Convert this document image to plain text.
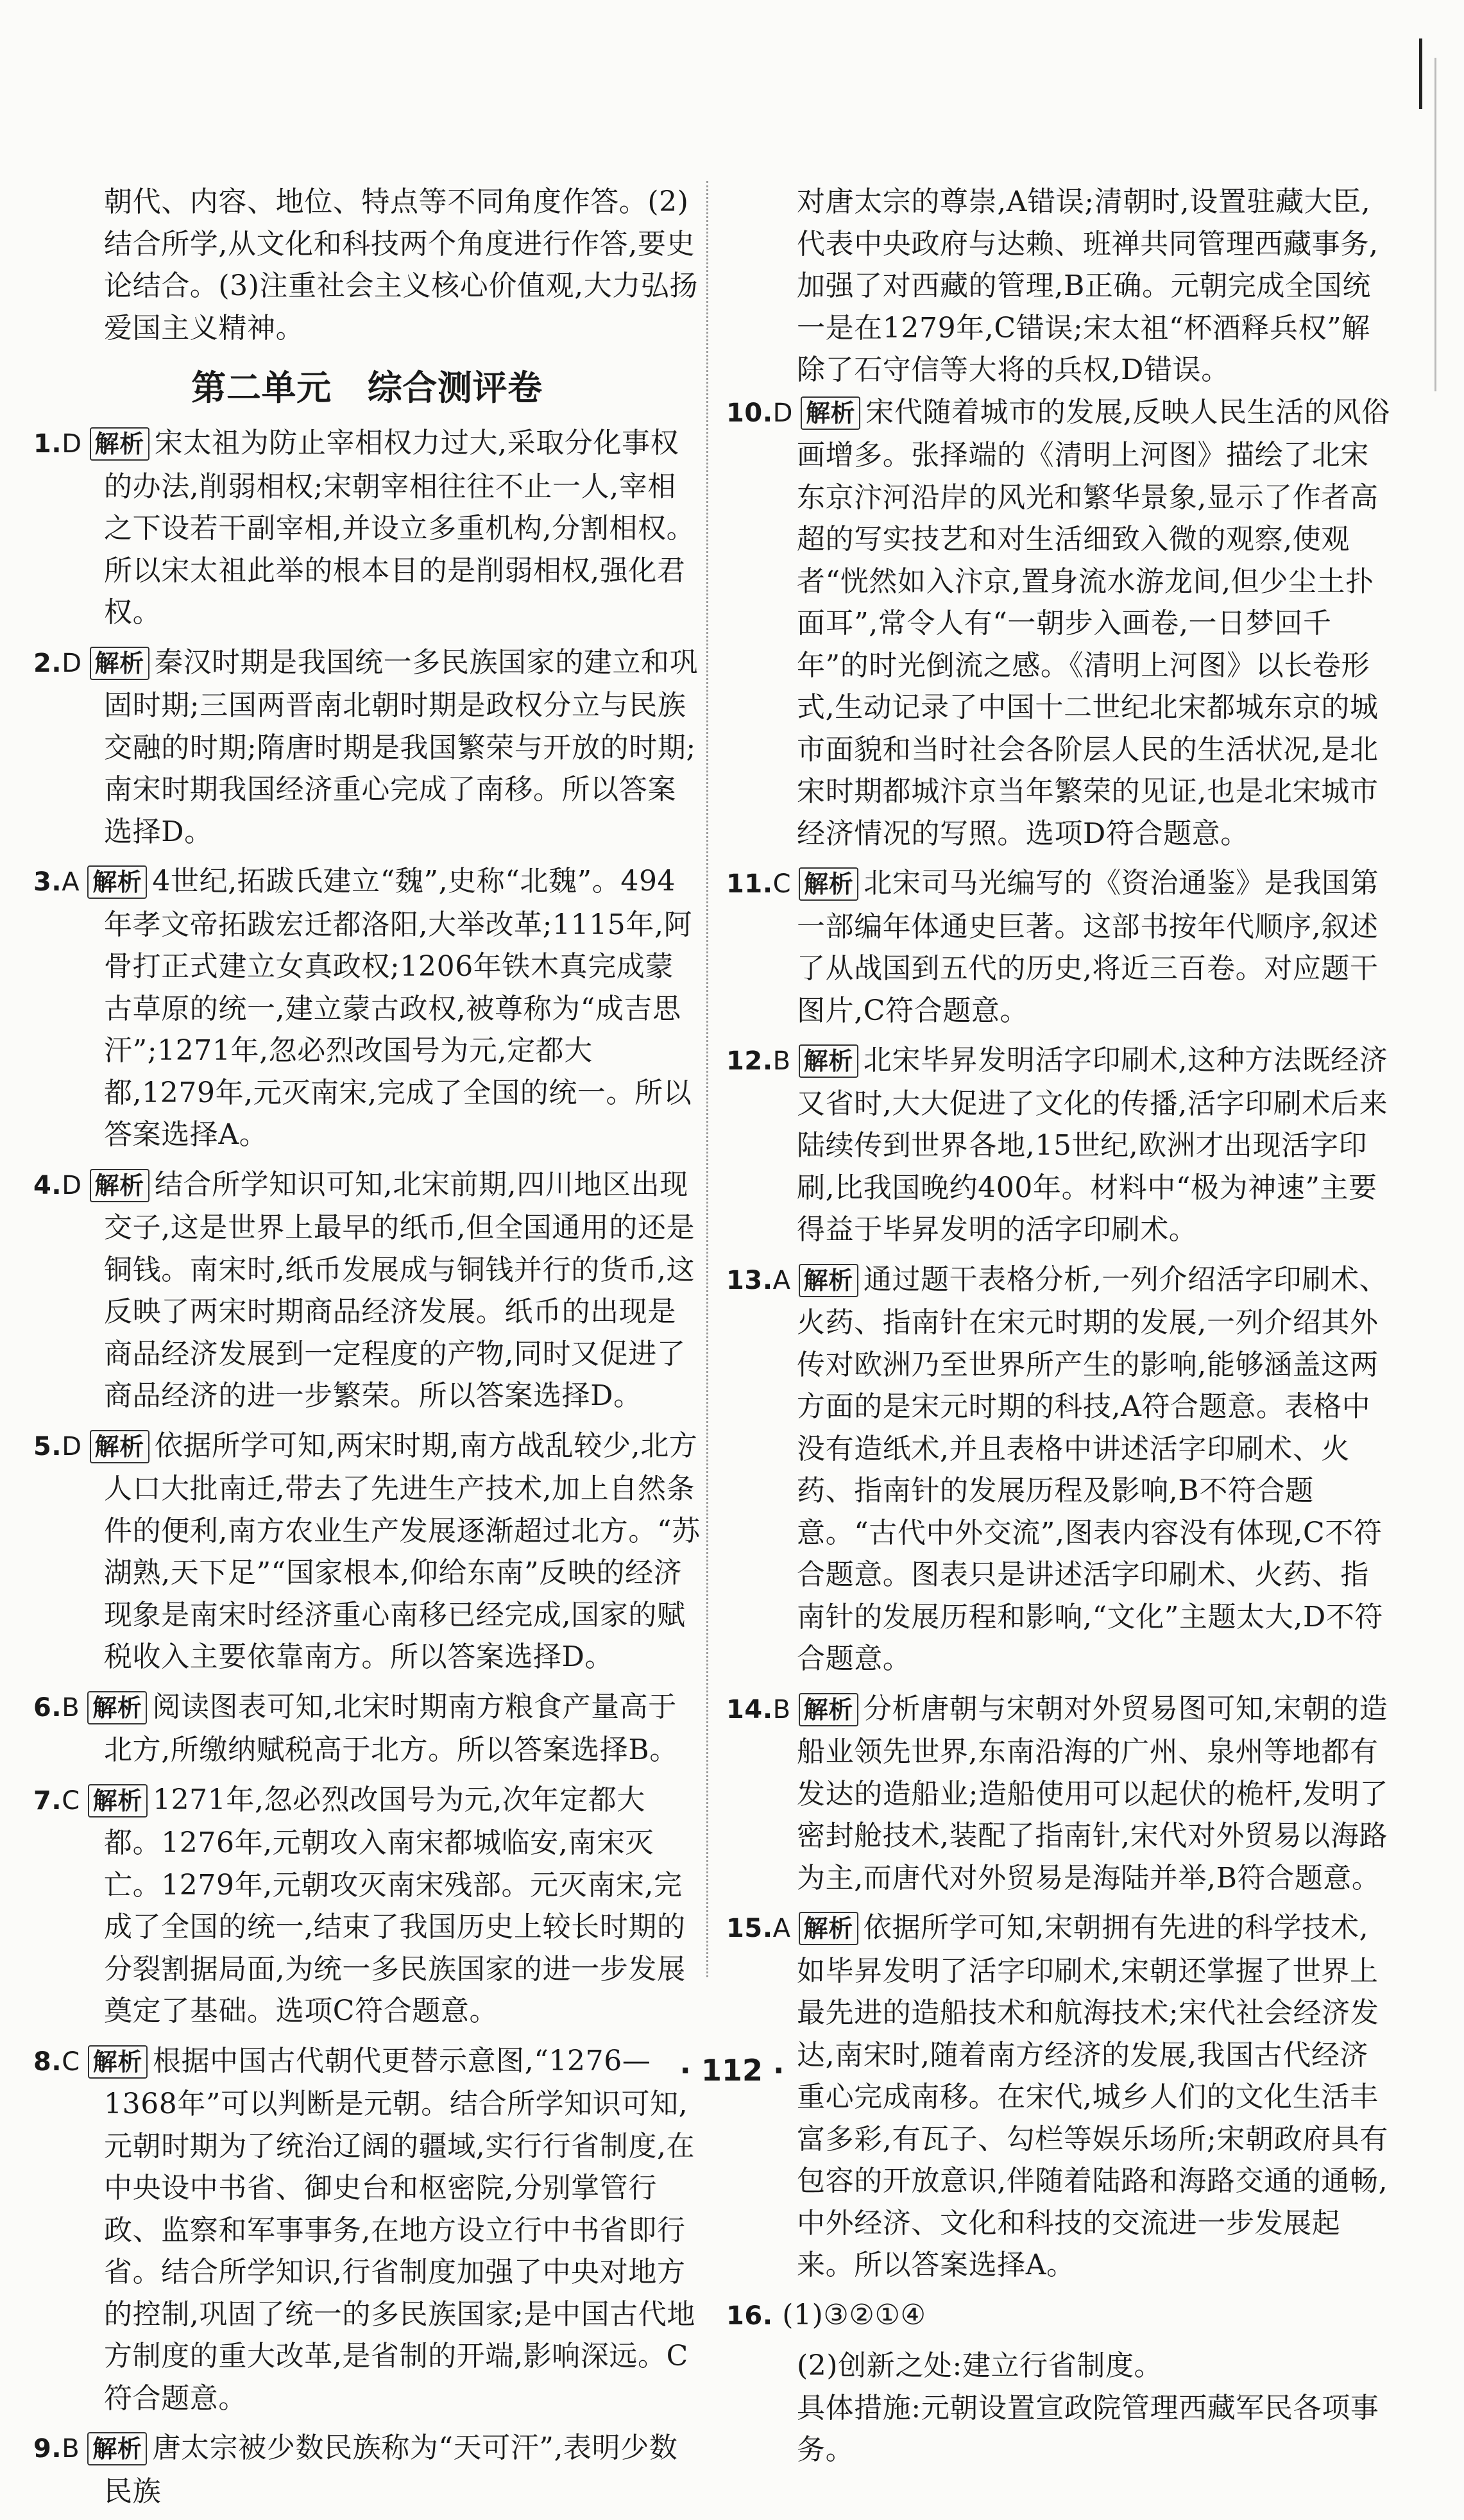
朝代、内容、地位、特点等不同角度作答。(2)结合所学,从文化和科技两个角度进行作答,要史论结合。(3)注重社会主义核心价值观,大力弘扬爱国主义精神。

第二单元 综合测评卷
1.D 解析 宋太祖为防止宰相权力过大,采取分化事权的办法,削弱相权;宋朝宰相往往不止一人,宰相之下设若干副宰相,并设立多重机构,分割相权。所以宋太祖此举的根本目的是削弱相权,强化君权。
2.D 解析 秦汉时期是我国统一多民族国家的建立和巩固时期;三国两晋南北朝时期是政权分立与民族交融的时期;隋唐时期是我国繁荣与开放的时期;南宋时期我国经济重心完成了南移。所以答案选择D。
3.A 解析 4世纪,拓跋氏建立“魏”,史称“北魏”。494年孝文帝拓跋宏迁都洛阳,大举改革;1115年,阿骨打正式建立女真政权;1206年铁木真完成蒙古草原的统一,建立蒙古政权,被尊称为“成吉思汗”;1271年,忽必烈改国号为元,定都大都,1279年,元灭南宋,完成了全国的统一。所以答案选择A。
4.D 解析 结合所学知识可知,北宋前期,四川地区出现交子,这是世界上最早的纸币,但全国通用的还是铜钱。南宋时,纸币发展成与铜钱并行的货币,这反映了两宋时期商品经济发展。纸币的出现是商品经济发展到一定程度的产物,同时又促进了商品经济的进一步繁荣。所以答案选择D。
5.D 解析 依据所学可知,两宋时期,南方战乱较少,北方人口大批南迁,带去了先进生产技术,加上自然条件的便利,南方农业生产发展逐渐超过北方。“苏湖熟,天下足”“国家根本,仰给东南”反映的经济现象是南宋时经济重心南移已经完成,国家的赋税收入主要依靠南方。所以答案选择D。
6.B 解析 阅读图表可知,北宋时期南方粮食产量高于北方,所缴纳赋税高于北方。所以答案选择B。
7.C 解析 1271年,忽必烈改国号为元,次年定都大都。1276年,元朝攻入南宋都城临安,南宋灭亡。1279年,元朝攻灭南宋残部。元灭南宋,完成了全国的统一,结束了我国历史上较长时期的分裂割据局面,为统一多民族国家的进一步发展奠定了基础。选项C符合题意。
8.C 解析 根据中国古代朝代更替示意图,“1276—1368年”可以判断是元朝。结合所学知识可知,元朝时期为了统治辽阔的疆域,实行行省制度,在中央设中书省、御史台和枢密院,分别掌管行政、监察和军事事务,在地方设立行中书省即行省。结合所学知识,行省制度加强了中央对地方的控制,巩固了统一的多民族国家;是中国古代地方制度的重大改革,是省制的开端,影响深远。C符合题意。
9.B 解析 唐太宗被少数民族称为“天可汗”,表明少数民族

对唐太宗的尊崇,A错误;清朝时,设置驻藏大臣,代表中央政府与达赖、班禅共同管理西藏事务,加强了对西藏的管理,B正确。元朝完成全国统一是在1279年,C错误;宋太祖“杯酒释兵权”解除了石守信等大将的兵权,D错误。

10.D 解析 宋代随着城市的发展,反映人民生活的风俗画增多。张择端的《清明上河图》描绘了北宋东京汴河沿岸的风光和繁华景象,显示了作者高超的写实技艺和对生活细致入微的观察,使观者“恍然如入汴京,置身流水游龙间,但少尘土扑面耳”,常令人有“一朝步入画卷,一日梦回千年”的时光倒流之感。《清明上河图》以长卷形式,生动记录了中国十二世纪北宋都城东京的城市面貌和当时社会各阶层人民的生活状况,是北宋时期都城汴京当年繁荣的见证,也是北宋城市经济情况的写照。选项D符合题意。
11.C 解析 北宋司马光编写的《资治通鉴》是我国第一部编年体通史巨著。这部书按年代顺序,叙述了从战国到五代的历史,将近三百卷。对应题干图片,C符合题意。
12.B 解析 北宋毕昇发明活字印刷术,这种方法既经济又省时,大大促进了文化的传播,活字印刷术后来陆续传到世界各地,15世纪,欧洲才出现活字印刷,比我国晚约400年。材料中“极为神速”主要得益于毕昇发明的活字印刷术。
13.A 解析 通过题干表格分析,一列介绍活字印刷术、火药、指南针在宋元时期的发展,一列介绍其外传对欧洲乃至世界所产生的影响,能够涵盖这两方面的是宋元时期的科技,A符合题意。表格中没有造纸术,并且表格中讲述活字印刷术、火药、指南针的发展历程及影响,B不符合题意。“古代中外交流”,图表内容没有体现,C不符合题意。图表只是讲述活字印刷术、火药、指南针的发展历程和影响,“文化”主题太大,D不符合题意。
14.B 解析 分析唐朝与宋朝对外贸易图可知,宋朝的造船业领先世界,东南沿海的广州、泉州等地都有发达的造船业;造船使用可以起伏的桅杆,发明了密封舱技术,装配了指南针,宋代对外贸易以海路为主,而唐代对外贸易是海陆并举,B符合题意。
15.A 解析 依据所学可知,宋朝拥有先进的科学技术,如毕昇发明了活字印刷术,宋朝还掌握了世界上最先进的造船技术和航海技术;宋代社会经济发达,南宋时,随着南方经济的发展,我国古代经济重心完成南移。在宋代,城乡人们的文化生活丰富多彩,有瓦子、勾栏等娱乐场所;宋朝政府具有包容的开放意识,伴随着陆路和海路交通的通畅,中外经济、文化和科技的交流进一步发展起来。所以答案选择A。
16. (1)③②①④
(2)创新之处:建立行省制度。
具体措施:元朝设置宣政院管理西藏军民各项事务。
· 112 ·
